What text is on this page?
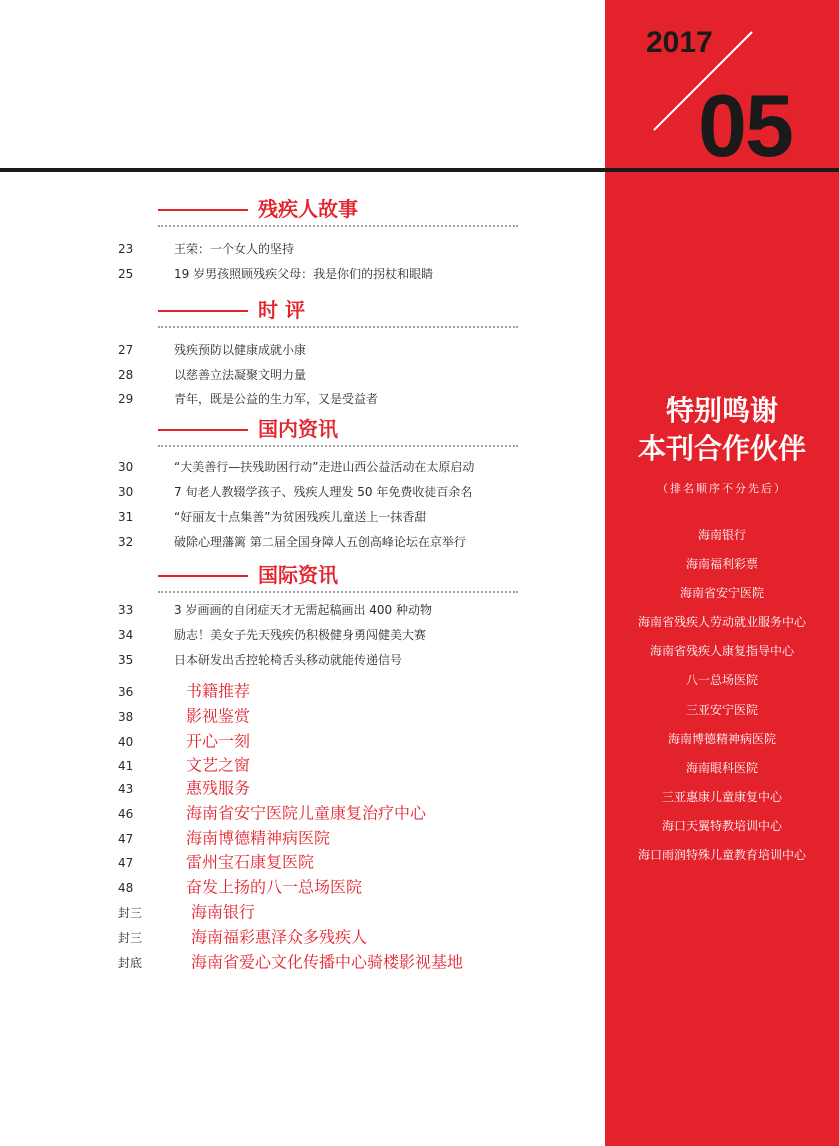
2017
05
残疾人故事
23	王荣：一个女人的坚持
25	19 岁男孩照顾残疾父母：我是你们的拐杖和眼睛
时 评
27	残疾预防以健康成就小康
28	以慈善立法凝聚文明力量
29	青年，既是公益的生力军，又是受益者
国内资讯
30	“大美善行—扶残助困行动”走进山西公益活动在太原启动
30	7 旬老人教辍学孩子、残疾人理发 50 年免费收徒百余名
31	“好丽友十点集善”为贫困残疾儿童送上一抹香甜
32	破除心理藩篱 第二届全国身障人五创高峰论坛在京举行
国际资讯
33	3 岁画画的自闭症天才无需起稿画出 400 种动物
34	励志！美女子先天残疾仍积极健身勇闯健美大赛
35	日本研发出舌控轮椅舌头移动就能传递信号
36	书籍推荐
38	影视鉴赏
40	开心一刻
41	文艺之窗
43	惠残服务
46	海南省安宁医院儿童康复治疗中心
47	海南博德精神病医院
47	雷州宝石康复医院
48	奋发上扬的八一总场医院
封三	海南银行
封三	海南福彩惠泽众多残疾人
封底	海南省爱心文化传播中心骑楼影视基地
特别鸣谢
本刊合作伙伴
（排名顺序不分先后）
海南银行
海南福利彩票
海南省安宁医院
海南省残疾人劳动就业服务中心
海南省残疾人康复指导中心
八一总场医院
三亚安宁医院
海南博德精神病医院
海南眼科医院
三亚惠康儿童康复中心
海口天翼特教培训中心
海口雨润特殊儿童教育培训中心
